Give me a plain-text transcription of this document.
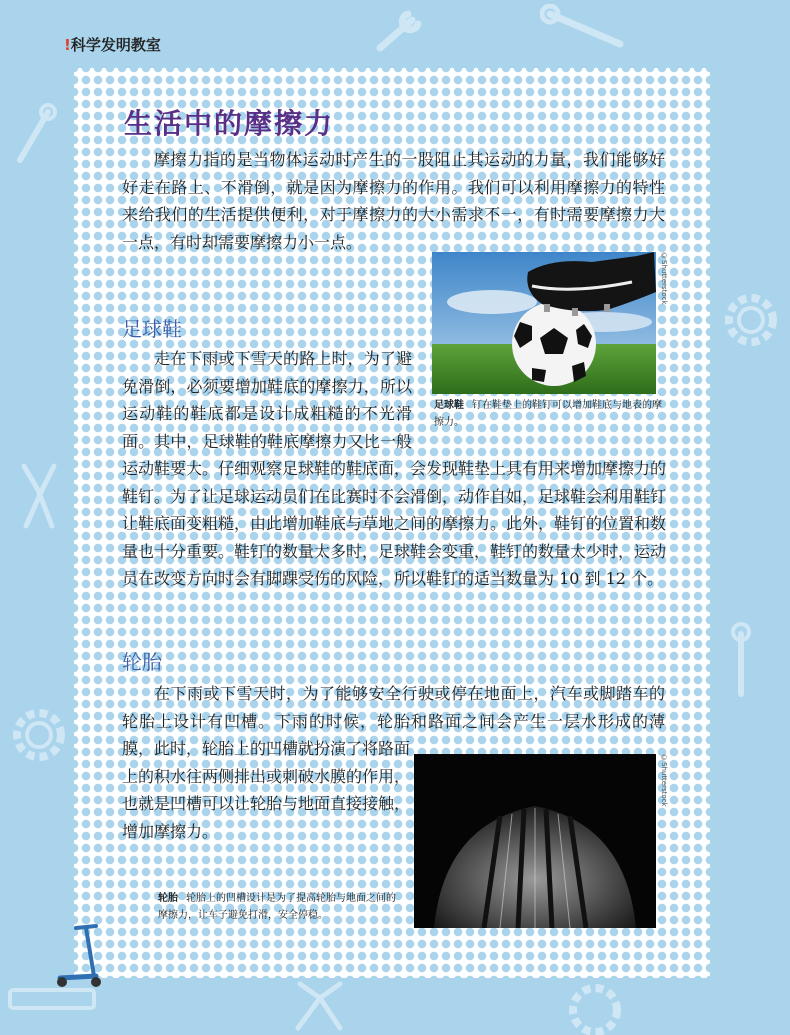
!科学发明教室
生活中的摩擦力

摩擦力指的是当物体运动时产生的一股阻止其运动的力量，我们能够好好走在路上、不滑倒，就是因为摩擦力的作用。我们可以利用摩擦力的特性来给我们的生活提供便利，对于摩擦力的大小需求不一，有时需要摩擦力大一点，有时却需要摩擦力小一点。

©Shutterstock
足球鞋 钉在鞋垫上的鞋钉可以增加鞋底与地表的摩擦力。
足球鞋

走在下雨或下雪天的路上时，为了避免滑倒，必须要增加鞋底的摩擦力，所以运动鞋的鞋底都是设计成粗糙的不光滑面。其中，足球鞋的鞋底摩擦力又比一般运动鞋要大。仔细观察足球鞋的鞋底面，会发现鞋垫上具有用来增加摩擦力的鞋钉。为了让足球运动员们在比赛时不会滑倒，动作自如，足球鞋会利用鞋钉让鞋底面变粗糙，由此增加鞋底与草地之间的摩擦力。此外，鞋钉的位置和数量也十分重要。鞋钉的数量太多时，足球鞋会变重，鞋钉的数量太少时，运动员在改变方向时会有脚踝受伤的风险，所以鞋钉的适当数量为 10 到 12 个。

轮胎

在下雨或下雪天时，为了能够安全行驶或停在地面上，汽车或脚踏车的轮胎上设计有凹槽。下雨的时候，轮胎和路面之间会产生一层水形成的薄膜，此时，轮胎上的凹槽就扮演了将路面上的积水往两侧排出或刺破水膜的作用，也就是凹槽可以让轮胎与地面直接接触，增加摩擦力。

©Shutterstock
轮胎 轮胎上的凹槽设计是为了提高轮胎与地面之间的摩擦力，让车子避免打滑，安全停稳。
